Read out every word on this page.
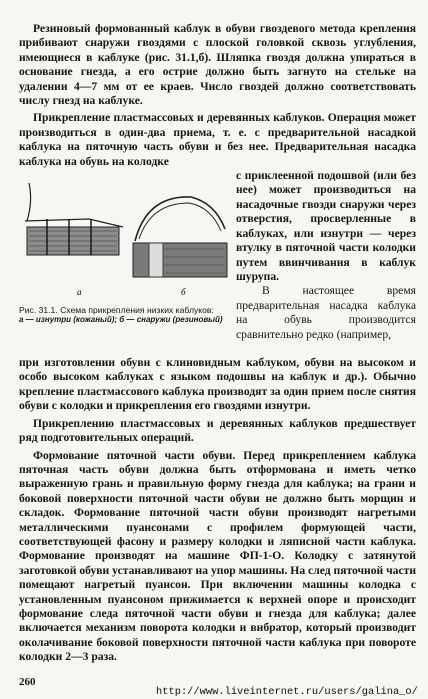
Резиновый формованный каблук в обуви гвоздевого метода крепления прибивают снаружи гвоздями с плоской головкой сквозь углубления, имеющиеся в каблуке (рис. 31.1,б). Шляпка гвоздя должна упираться в основание гнезда, а его острие должно быть загнуто на стельке на удалении 4—7 мм от ее краев. Число гвоздей должно соответствовать числу гнезд на каблуке.

Прикрепление пластмассовых и деревянных каблуков. Операция может производиться в один-два приема, т. е. с предварительной насадкой каблука на пяточную часть обуви и без нее. Предварительная насадка каблука на обувь на колодке

а	б
Рис. 31.1. Схема прикрепления низких каблуков:
а — изнутри (кожаный); б — снаружи (резиновый)

с приклеенной подошвой (или без нее) может производиться на насадочные гвозди снаружи через отверстия, просверленные в каблуках, или изнутри — через втулку в пяточной части колодки путем ввинчивания в каблук шурупа.

В настоящее время предварительная насадка каблука на обувь производится сравнительно редко (например,

при изготовлении обуви с клиновидным каблуком, обуви на высоком и особо высоком каблуках с языком подошвы на каблук и др.). Обычно крепление пластмассового каблука производят за один прием после снятия обуви с колодки и прикрепления его гвоздями изнутри.

Прикреплению пластмассовых и деревянных каблуков предшествует ряд подготовительных операций.

Формование пяточной части обуви. Перед прикреплением каблука пяточная часть обуви должна быть отформована и иметь четко выраженную грань и правильную форму гнезда для каблука; на грани и боковой поверхности пяточной части обуви не должно быть морщин и складок. Формование пяточной части обуви производят нагретыми металлическими пуансонами с профилем формующей части, соответствующей фасону и размеру колодки и ляписной части каблука. Формование производят на машине ФП-1-О. Колодку с затянутой заготовкой обуви устанавливают на упор машины. На след пяточной части помещают нагретый пуансон. При включении машины колодка с установленным пуансоном прижимается к верхней опоре и происходит формование следа пяточной части обуви и гнезда для каблука; далее включается механизм поворота колодки и вибратор, который производит околачивание боковой поверхности пяточной части каблука при повороте колодки 2—3 раза.

260
http://www.liveinternet.ru/users/galina_o/
